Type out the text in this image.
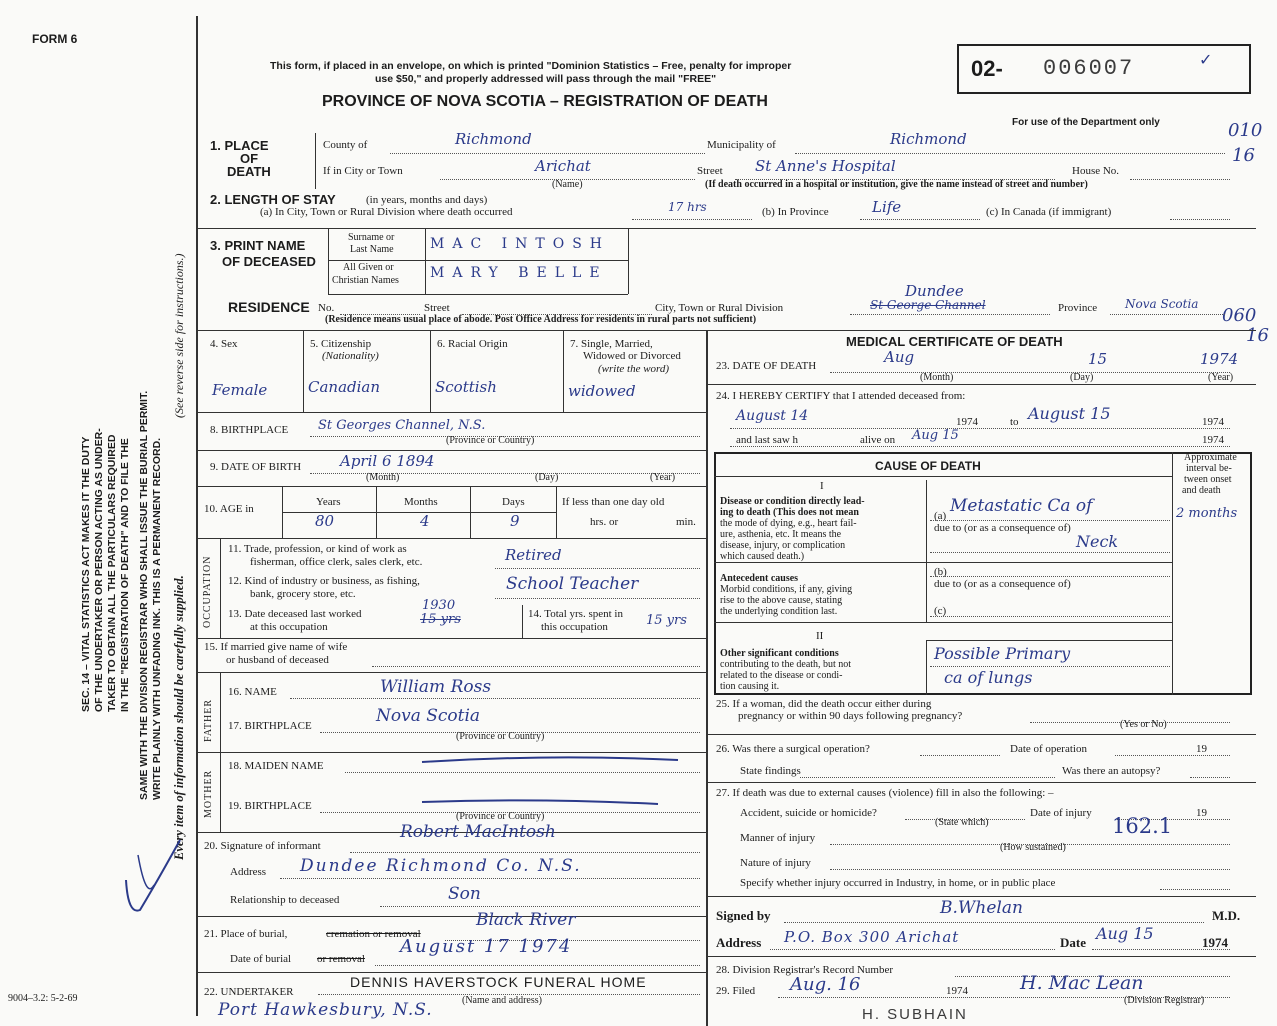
FORM 6
SEC. 14 – VITAL STATISTICS ACT MAKES IT THE DUTY OF THE UNDERTAKER OR PERSON ACTING AS UNDER- TAKER TO OBTAIN ALL THE PARTICULARS REQUIRED IN THE "REGISTRATION OF DEATH" AND TO FILE THE SAME WITH THE DIVISION REGISTRAR WHO SHALL ISSUE THE BURIAL PERMIT. WRITE PLAINLY WITH UNFADING INK. THIS IS A PERMANENT RECORD.
(See reverse side for instructions.)
Every item of information should be carefully supplied.
9004–3.2: 5-2-69
This form, if placed in an envelope, on which is printed "Dominion Statistics – Free, penalty for improper
use $50," and properly addressed will pass through the mail "FREE"
PROVINCE OF NOVA SCOTIA – REGISTRATION OF DEATH
02- 006007	✓
For use of the Department only	010
16
060
16
1. PLACE
OF
DEATH
County of	Richmond	Municipality of	Richmond
If in City or Town	Arichat
(Name)
Street St Anne's Hospital	House No.
(If death occurred in a hospital or institution, give the name instead of street and number)
2. LENGTH OF STAY	(in years, months and days)
(a) In City, Town or Rural Division where death occurred	17 hrs	(b) In Province	Life	(c) In Canada (if immigrant)
3. PRINT NAME
OF DECEASED
Surname or
Last Name
All Given or
Christian Names
MAC INTOSH
MARY BELLE
RESIDENCE No.	Street	City, Town or Rural Division	St George Channel
Dundee
Province Nova Scotia
(Residence means usual place of abode. Post Office Address for residents in rural parts not sufficient)
4. Sex
Female
5. Citizenship
(Nationality)
Canadian
6. Racial Origin
Scottish
7. Single, Married,
Widowed or Divorced
(write the word)
widowed
8. BIRTHPLACE St Georges Channel, N.S.
(Province or Country)
9. DATE OF BIRTH	April 6 1894
(Month)	(Day)	(Year)
10. AGE in
Years
80
Months
4
Days
9
If less than one day old
hrs. or	min.
OCCUPATION
11. Trade, profession, or kind of work as
fisherman, office clerk, sales clerk, etc.	Retired
12. Kind of industry or business, as fishing,
bank, grocery store, etc.	School Teacher
13. Date deceased last worked
at this occupation	15 yrs
1930
14. Total yrs. spent in
this occupation	15 yrs
15. If married give name of wife
or husband of deceased
FATHER
16. NAME	William Ross
17. BIRTHPLACE	Nova Scotia
(Province or Country)
MOTHER
18. MAIDEN NAME
19. BIRTHPLACE
(Province or Country)
20. Signature of informant
Robert MacIntosh
Address Dundee Richmond Co. N.S.
Relationship to deceased	Son
21. Place of burial,	cremation or removal
Black River
Date of burial or removal
August 17 1974
22. UNDERTAKER
DENNIS HAVERSTOCK FUNERAL HOME
(Name and address)
Port Hawkesbury, N.S.
MEDICAL CERTIFICATE OF DEATH
23. DATE OF DEATH	Aug	15	1974
(Month)	(Day)	(Year)
24. I HEREBY CERTIFY that I attended deceased from:
August 14	1974	to August 15	1974
and last saw h	alive on Aug 15	1974
CAUSE OF DEATH
Approximate
interval be-
tween onset
and death
I
Disease or condition directly lead-
ing to death (This does not mean
the mode of dying, e.g., heart fail-
ure, asthenia, etc. It means the
disease, injury, or complication
which caused death.)
(a) Metastatic Ca of	2 months
due to (or as a consequence of)
Neck
Antecedent causes
Morbid conditions, if any, giving
rise to the above cause, stating
the underlying condition last.
(b)
due to (or as a consequence of)
(c)
II
Other significant conditions
contributing to the death, but not
related to the disease or condi-
tion causing it.
Possible Primary
ca of lungs
25. If a woman, did the death occur either during
pregnancy or within 90 days following pregnancy?
(Yes or No)
26. Was there a surgical operation?	Date of operation	19
State findings	Was there an autopsy?
27. If death was due to external causes (violence) fill in also the following: –
Accident, suicide or homicide?	Date of injury	19
(State which)	162.1
Manner of injury
(How sustained)
Nature of injury
Specify whether injury occurred in Industry, in home, or in public place
Signed by	B.Whelan	M.D.
Address P.O. Box 300 Arichat	Date Aug 15	1974
28. Division Registrar's Record Number
29. Filed Aug. 16	1974	H. Mac Lean
(Division Registrar)
H. SUBHAIN
